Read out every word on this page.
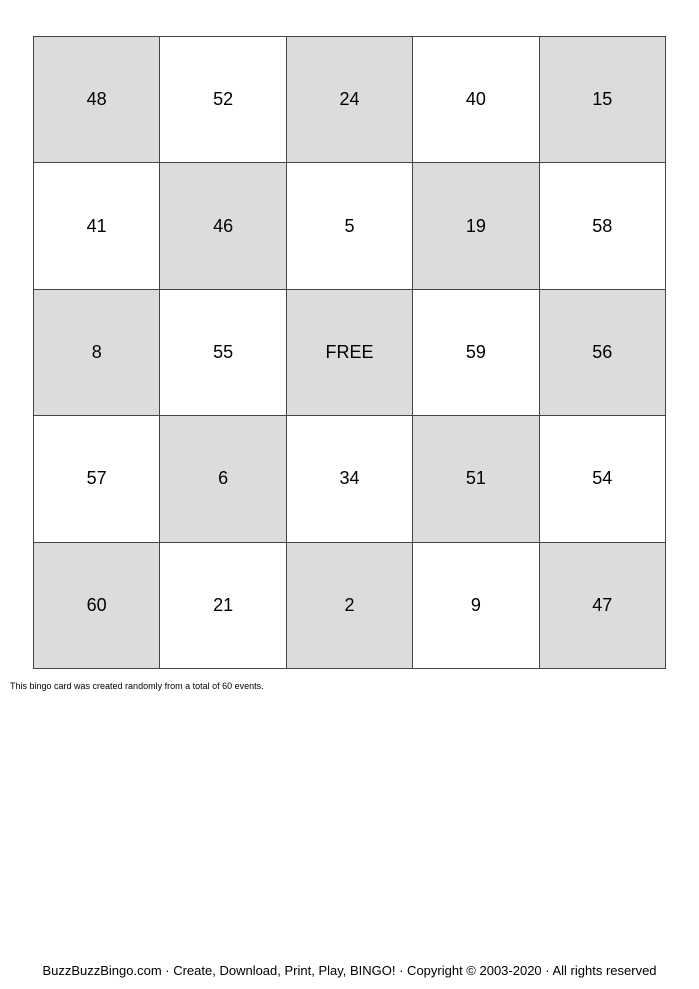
48	52	24	40	15
41	46	5	19	58
8	55	FREE	59	56
57	6	34	51	54
60	21	2	9	47
This bingo card was created randomly from a total of 60 events.
BuzzBuzzBingo.com · Create, Download, Print, Play, BINGO! · Copyright © 2003-2020 · All rights reserved
